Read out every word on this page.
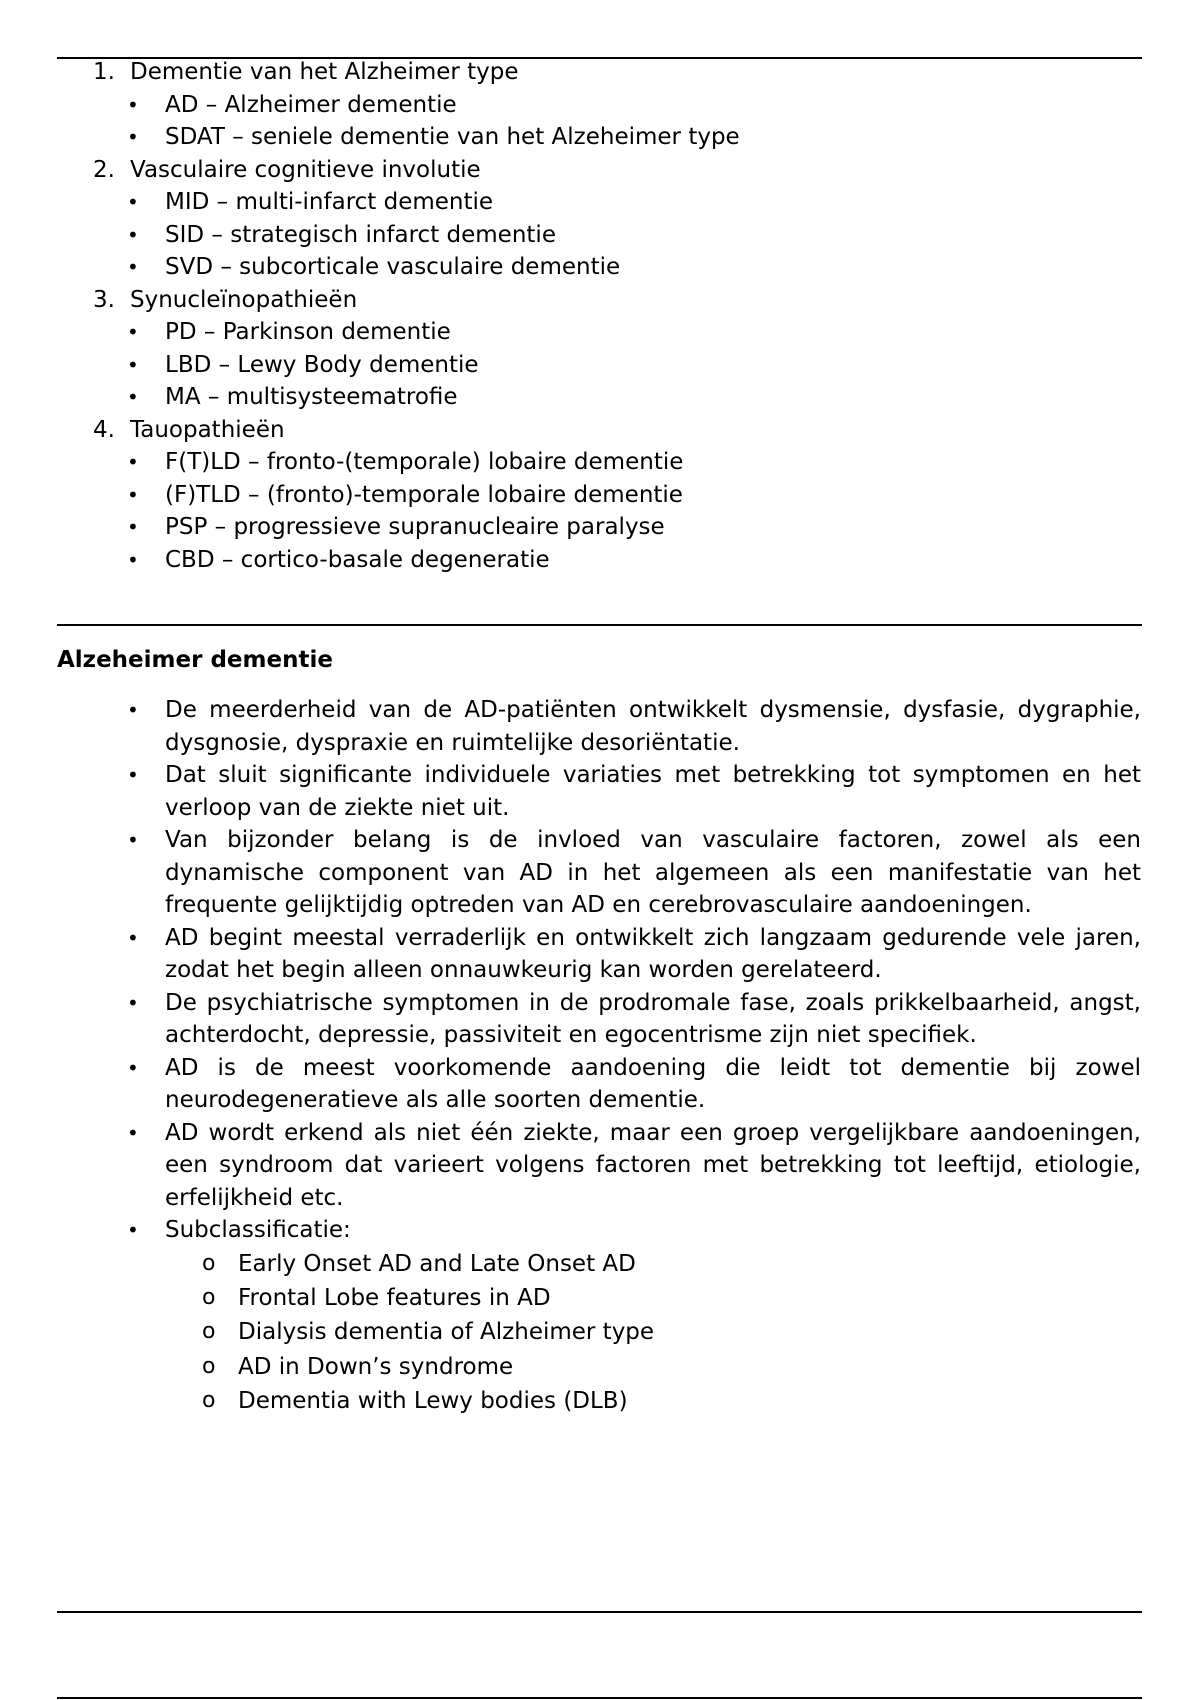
1. Dementie van het Alzheimer type
• AD – Alzheimer dementie
• SDAT – seniele dementie van het Alzeheimer type
2. Vasculaire cognitieve involutie
• MID – multi-infarct dementie
• SID – strategisch infarct dementie
• SVD – subcorticale vasculaire dementie
3. Synucleïnopathieën
• PD – Parkinson dementie
• LBD – Lewy Body dementie
• MA – multisysteematrofie
4. Tauopathieën
• F(T)LD – fronto-(temporale) lobaire dementie
• (F)TLD – (fronto)-temporale lobaire dementie
• PSP – progressieve supranucleaire paralyse
• CBD – cortico-basale degeneratie
Alzeheimer dementie
• De meerderheid van de AD-patiënten ontwikkelt dysmensie, dysfasie, dygraphie, dysgnosie, dyspraxie en ruimtelijke desoriëntatie.
• Dat sluit significante individuele variaties met betrekking tot symptomen en het verloop van de ziekte niet uit.
• Van bijzonder belang is de invloed van vasculaire factoren, zowel als een dynamische component van AD in het algemeen als een manifestatie van het frequente gelijktijdig optreden van AD en cerebrovasculaire aandoeningen.
• AD begint meestal verraderlijk en ontwikkelt zich langzaam gedurende vele jaren, zodat het begin alleen onnauwkeurig kan worden gerelateerd.
• De psychiatrische symptomen in de prodromale fase, zoals prikkelbaarheid, angst, achterdocht, depressie, passiviteit en egocentrisme zijn niet specifiek.
• AD is de meest voorkomende aandoening die leidt tot dementie bij zowel neurodegeneratieve als alle soorten dementie.
• AD wordt erkend als niet één ziekte, maar een groep vergelijkbare aandoeningen, een syndroom dat varieert volgens factoren met betrekking tot leeftijd, etiologie, erfelijkheid etc.
• Subclassificatie:
o Early Onset AD and Late Onset AD
o Frontal Lobe features in AD
o Dialysis dementia of Alzheimer type
o AD in Down’s syndrome
o Dementia with Lewy bodies (DLB)
